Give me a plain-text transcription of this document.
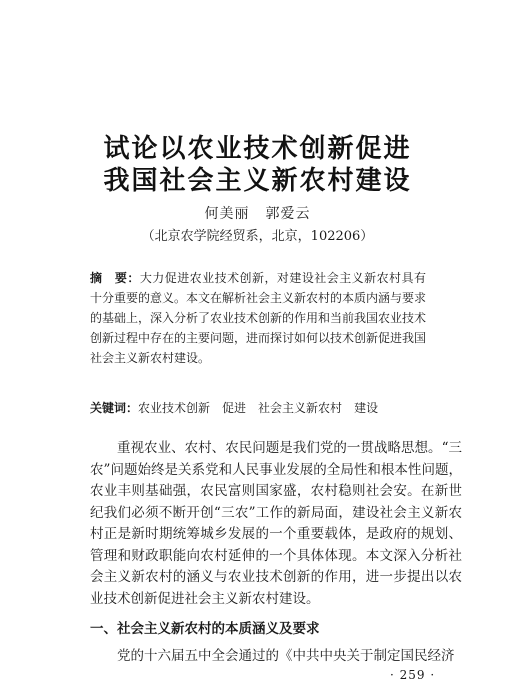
试论以农业技术创新促进
我国社会主义新农村建设
何美丽 郭爱云
（北京农学院经贸系，北京，102206）
摘　要：大力促进农业技术创新，对建设社会主义新农村具有十分重要的意义。本文在解析社会主义新农村的本质内涵与要求的基础上，深入分析了农业技术创新的作用和当前我国农业技术创新过程中存在的主要问题，进而探讨如何以技术创新促进我国社会主义新农村建设。
关键词：农业技术创新 促进 社会主义新农村 建设
重视农业、农村、农民问题是我们党的一贯战略思想。“三农”问题始终是关系党和人民事业发展的全局性和根本性问题，农业丰则基础强，农民富则国家盛，农村稳则社会安。在新世纪我们必须不断开创“三农”工作的新局面，建设社会主义新农村正是新时期统筹城乡发展的一个重要载体，是政府的规划、管理和财政职能向农村延伸的一个具体体现。本文深入分析社会主义新农村的涵义与农业技术创新的作用，进一步提出以农业技术创新促进社会主义新农村建设。
一、社会主义新农村的本质涵义及要求
党的十六届五中全会通过的《中共中央关于制定国民经济
· 259 ·
